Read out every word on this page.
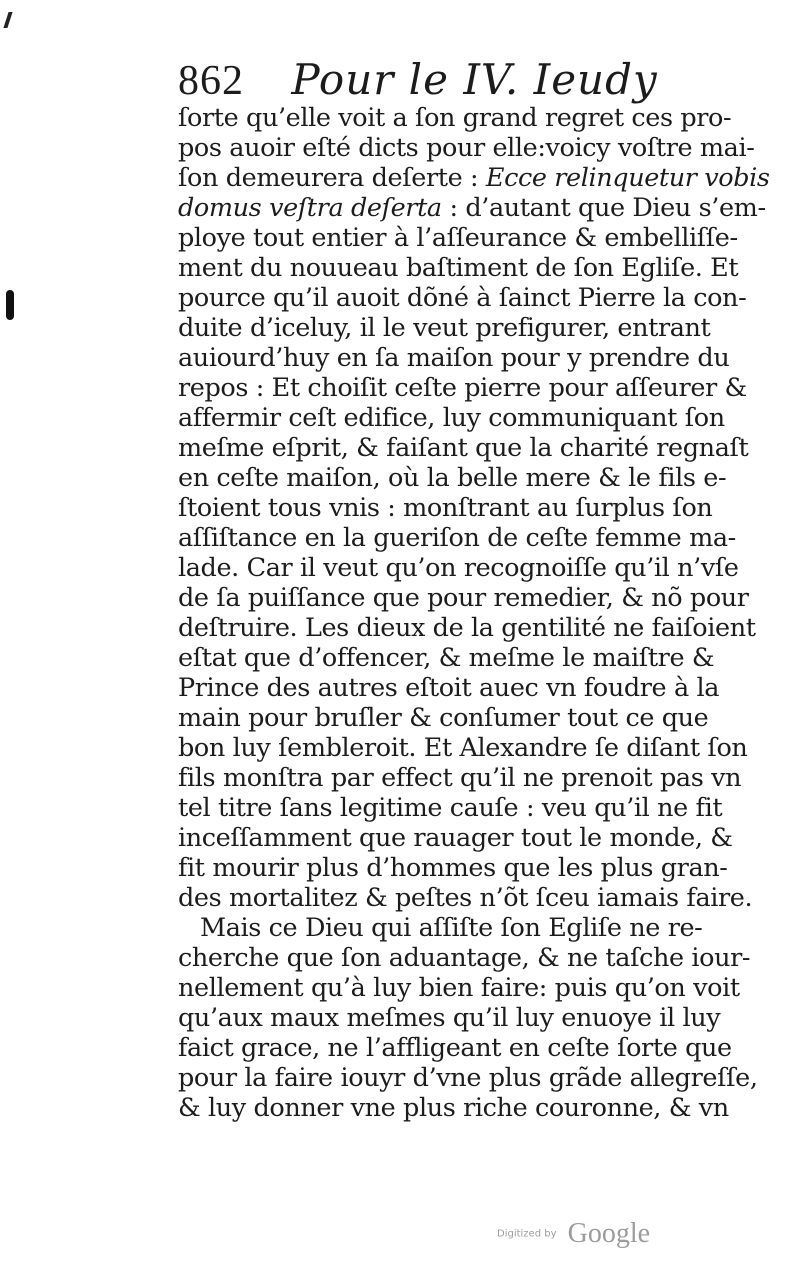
862 Pour le IV. Ieudy
ſorte qu’elle voit a ſon grand regret ces pro-
pos auoir eſté dicts pour elle:voicy voſtre mai-
ſon demeurera deſerte : Ecce relinquetur vobis
domus veſtra deſerta : d’autant que Dieu s’em-
ploye tout entier à l’aſſeurance & embelliſſe-
ment du nouueau baſtiment de ſon Egliſe. Et
pource qu’il auoit dõné à ſainct Pierre la con-
duite d’iceluy, il le veut prefigurer, entrant
auiourd’huy en ſa maiſon pour y prendre du
repos : Et choiſit ceſte pierre pour aſſeurer &
affermir ceſt edifice, luy communiquant ſon
meſme eſprit, & faiſant que la charité regnaſt
en ceſte maiſon, où la belle mere & le fils e-
ſtoient tous vnis : monſtrant au ſurplus ſon
aſſiſtance en la gueriſon de ceſte femme ma-
lade. Car il veut qu’on recognoiſſe qu’il n’vſe
de ſa puiſſance que pour remedier, & nõ pour
deſtruire. Les dieux de la gentilité ne faiſoient
eſtat que d’offencer, & meſme le maiſtre &
Prince des autres eſtoit auec vn foudre à la
main pour bruſler & conſumer tout ce que
bon luy ſembleroit. Et Alexandre ſe diſant ſon
fils monſtra par effect qu’il ne prenoit pas vn
tel titre ſans legitime cauſe : veu qu’il ne fit
inceſſamment que rauager tout le monde, &
fit mourir plus d’hommes que les plus gran-
des mortalitez & peſtes n’õt ſceu iamais faire.
Mais ce Dieu qui aſſiſte ſon Egliſe ne re-
cherche que ſon aduantage, & ne taſche iour-
nellement qu’à luy bien faire: puis qu’on voit
qu’aux maux meſmes qu’il luy enuoye il luy
faict grace, ne l’affligeant en ceſte ſorte que
pour la faire iouyr d’vne plus grãde allegreſſe,
& luy donner vne plus riche couronne, & vn
Digitized by Google
